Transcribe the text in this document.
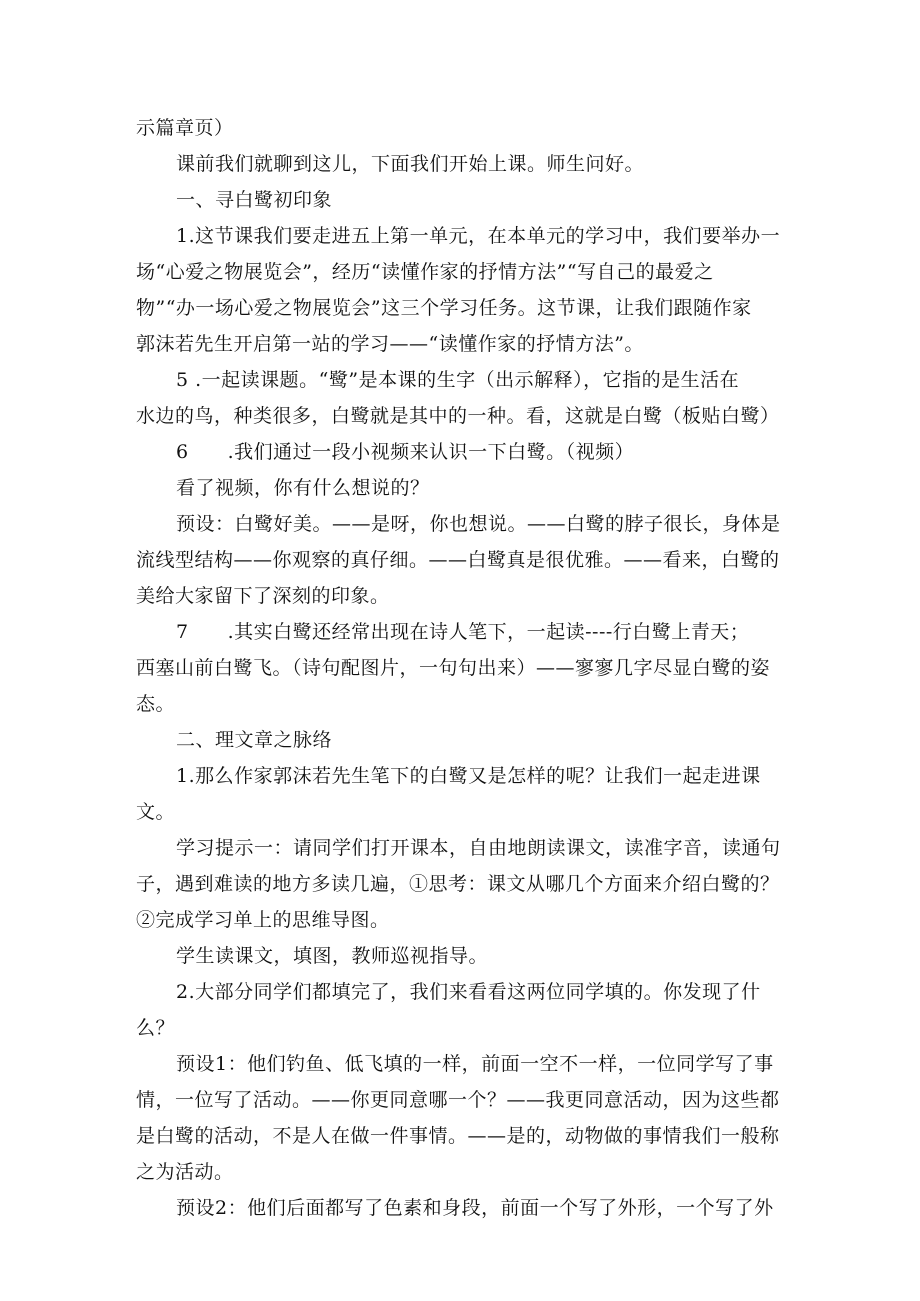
示篇章页）
课前我们就聊到这儿，下面我们开始上课。师生问好。
一、寻白鹭初印象
1.这节课我们要走进五上第一单元，在本单元的学习中，我们要举办一
场“心爱之物展览会”，经历“读懂作家的抒情方法”“写自己的最爱之
物”“办一场心爱之物展览会”这三个学习任务。这节课，让我们跟随作家
郭沫若先生开启第一站的学习——“读懂作家的抒情方法”。
5 .一起读课题。“鹭”是本课的生字（出示解释），它指的是生活在
水边的鸟，种类很多，白鹭就是其中的一种。看，这就是白鹭（板贴白鹭）
6　　.我们通过一段小视频来认识一下白鹭。（视频）
看了视频，你有什么想说的？
预设：白鹭好美。——是呀，你也想说。——白鹭的脖子很长，身体是
流线型结构——你观察的真仔细。——白鹭真是很优雅。——看来，白鹭的
美给大家留下了深刻的印象。
7　　.其实白鹭还经常出现在诗人笔下，一起读----行白鹭上青天；
西塞山前白鹭飞。（诗句配图片，一句句出来）——寥寥几字尽显白鹭的姿
态。
二、理文章之脉络
1.那么作家郭沫若先生笔下的白鹭又是怎样的呢？让我们一起走进课
文。
学习提示一：请同学们打开课本，自由地朗读课文，读准字音，读通句
子，遇到难读的地方多读几遍，①思考：课文从哪几个方面来介绍白鹭的？
②完成学习单上的思维导图。
学生读课文，填图，教师巡视指导。
2.大部分同学们都填完了，我们来看看这两位同学填的。你发现了什
么？
预设1：他们钓鱼、低飞填的一样，前面一空不一样，一位同学写了事
情，一位写了活动。——你更同意哪一个？——我更同意活动，因为这些都
是白鹭的活动，不是人在做一件事情。——是的，动物做的事情我们一般称
之为活动。
预设2：他们后面都写了色素和身段，前面一个写了外形，一个写了外
